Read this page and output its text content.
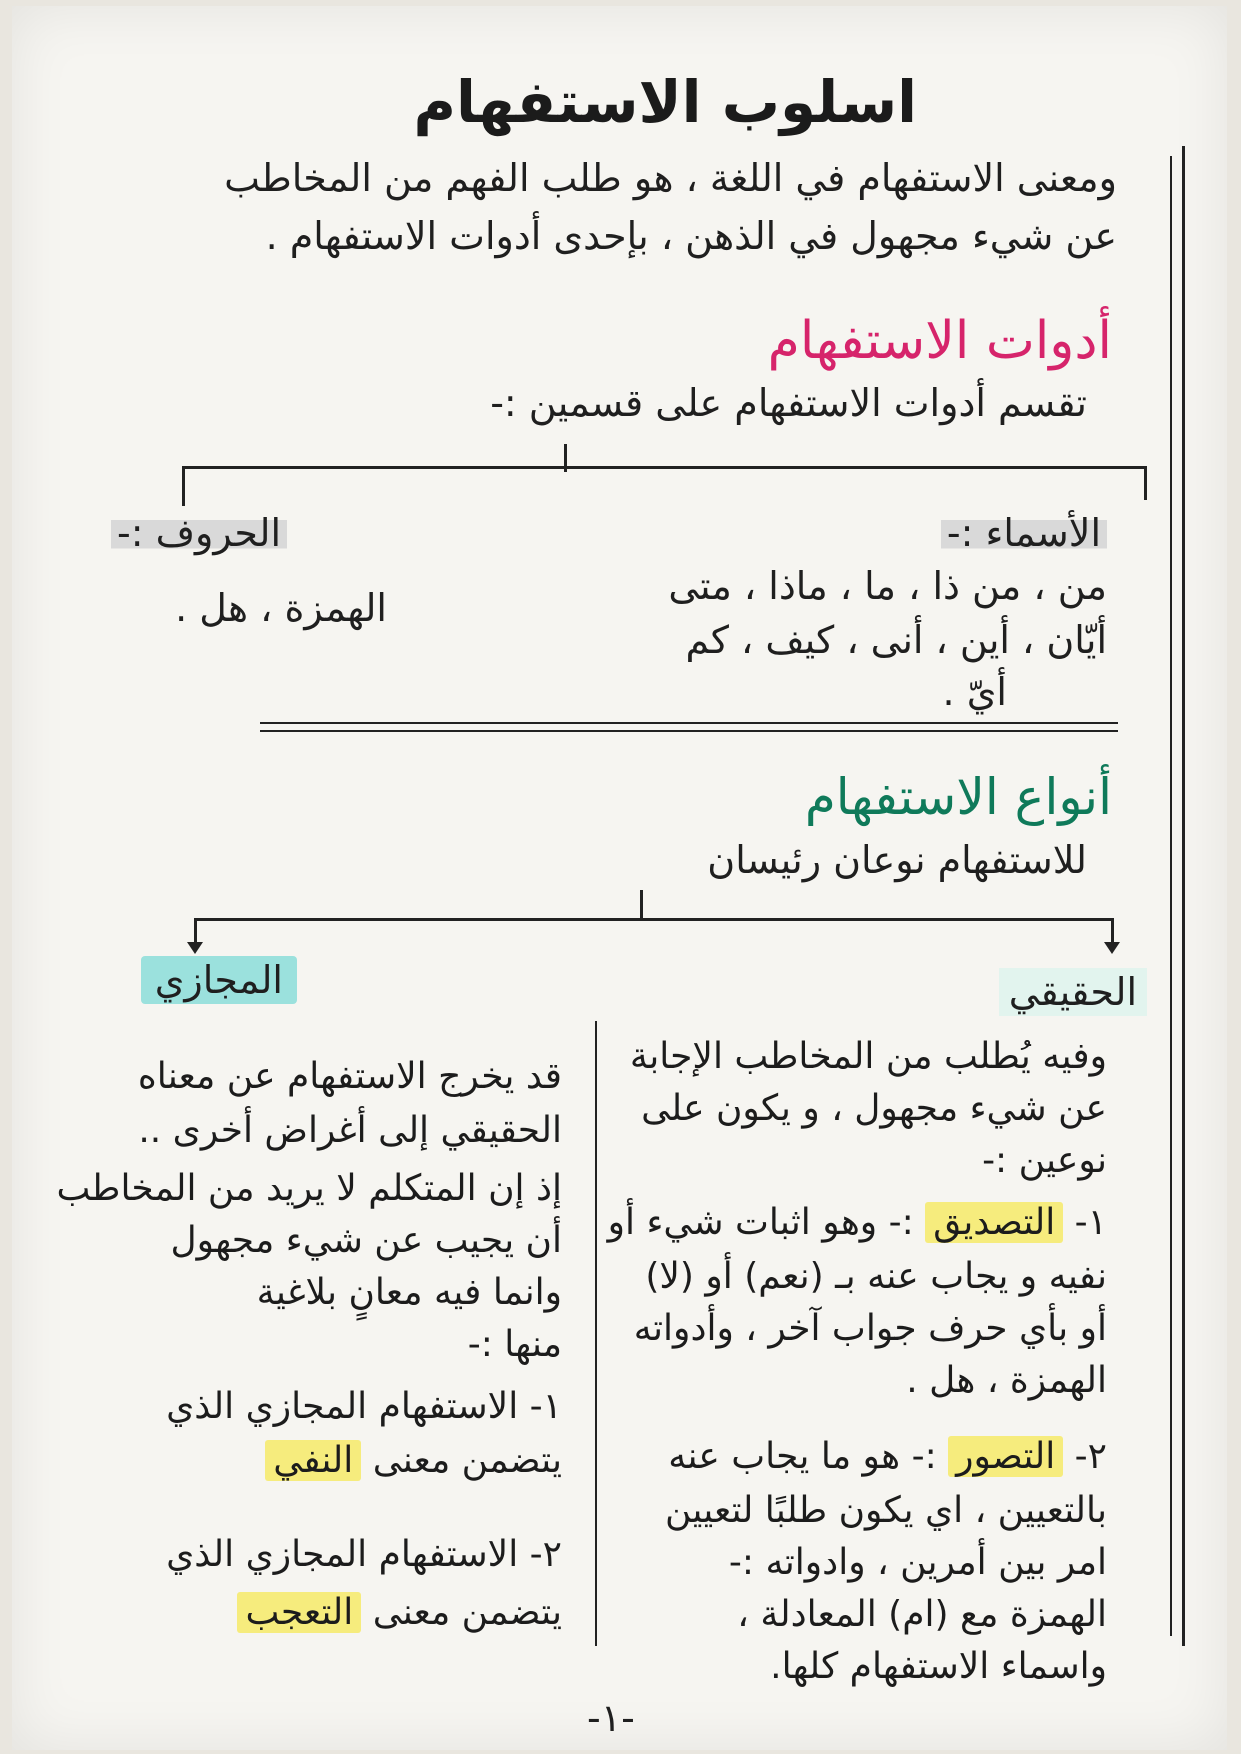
اسلوب الاستفهام
ومعنى الاستفهام في اللغة ، هو طلب الفهم من المخاطب
عن شيء مجهول في الذهن ، بإحدى أدوات الاستفهام .
أدوات الاستفهام
تقسم أدوات الاستفهام على قسمين :-
الأسماء :-
من ، من ذا ، ما ، ماذا ، متى
أيّان ، أين ، أنى ، كيف ، كم
أيّ .
الحروف :-
الهمزة ، هل .
أنواع الاستفهام
للاستفهام نوعان رئيسان
الحقيقي
المجازي
وفيه يُطلب من المخاطب الإجابة
عن شيء مجهول ، و يكون على
نوعين :-
١- التصديق :- وهو اثبات شيء أو
نفيه و يجاب عنه بـ (نعم) أو (لا)
أو بأي حرف جواب آخر ، وأدواته
الهمزة ، هل .
٢- التصور :- هو ما يجاب عنه
بالتعيين ، اي يكون طلبًا لتعيين
امر بين أمرين ، وادواته :-
الهمزة مع (ام) المعادلة ،
واسماء الاستفهام كلها.
قد يخرج الاستفهام عن معناه
الحقيقي إلى أغراض أخرى ..
إذ إن المتكلم لا يريد من المخاطب
أن يجيب عن شيء مجهول
وانما فيه معانٍ بلاغية
منها :-
١- الاستفهام المجازي الذي
يتضمن معنى النفي
٢- الاستفهام المجازي الذي
يتضمن معنى التعجب
-١-
